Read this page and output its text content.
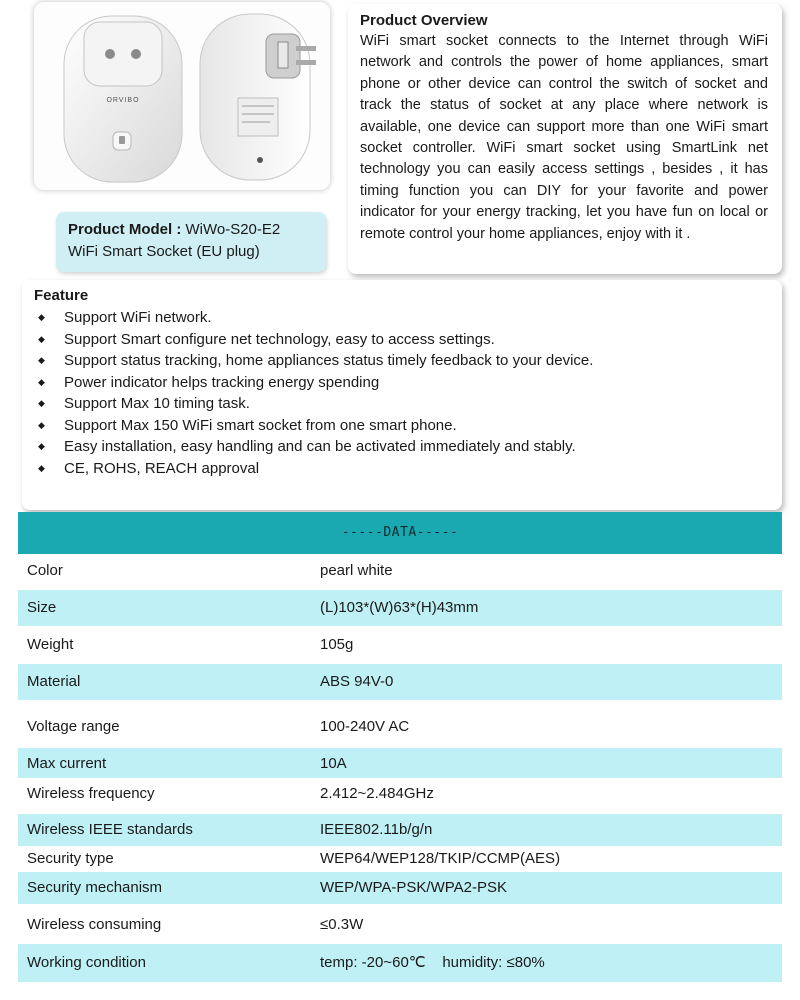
ORVIBO
Product Model : WiWo-S20-E2
WiFi Smart Socket (EU plug)
Product Overview
WiFi smart socket connects to the Internet through WiFi network and controls the power of home appliances, smart phone or other device can control the switch of socket and track the status of socket at any place where network is available, one device can support more than one WiFi smart socket controller. WiFi smart socket using SmartLink net technology you can easily access settings , besides , it has timing function you can DIY for your favorite and power indicator for your energy tracking, let you have fun on local or remote control your home appliances, enjoy with it .
Feature
◆ Support WiFi network.
◆ Support Smart configure net technology, easy to access settings.
◆ Support status tracking, home appliances status timely feedback to your device.
◆ Power indicator helps tracking energy spending
◆ Support Max 10 timing task.
◆ Support Max 150 WiFi smart socket from one smart phone.
◆ Easy installation, easy handling and can be activated immediately and stably.
◆ CE, ROHS, REACH approval
-----DATA-----
Color	pearl white
Size	(L)103*(W)63*(H)43mm
Weight	105g
Material	ABS 94V-0
Voltage range	100-240V AC
Max current	10A
Wireless frequency	2.412~2.484GHz
Wireless IEEE standards	IEEE802.11b/g/n
Security type	WEP64/WEP128/TKIP/CCMP(AES)
Security mechanism	WEP/WPA-PSK/WPA2-PSK
Wireless consuming	≤0.3W
Working condition	temp: -20~60℃    humidity: ≤80%
